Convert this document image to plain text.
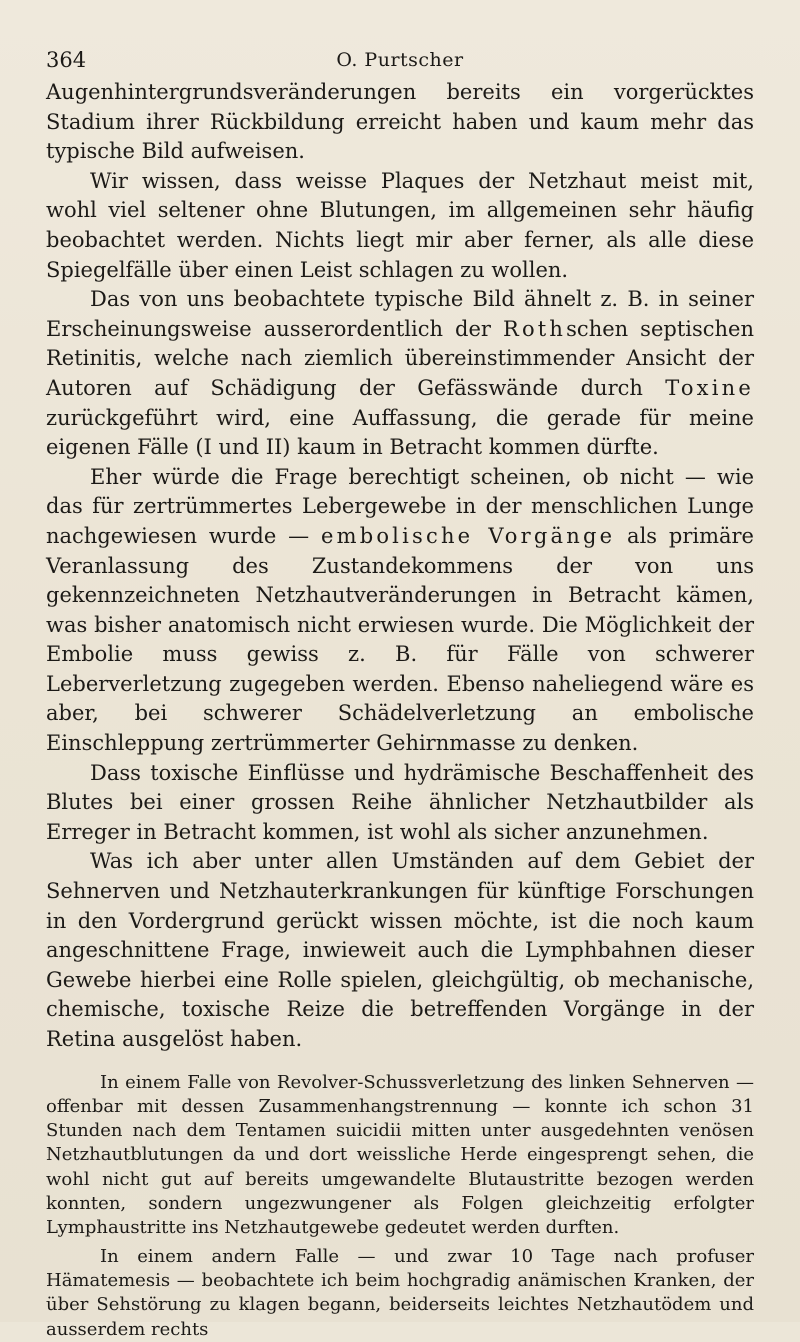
364	O. Purtscher

Augenhintergrundsveränderungen bereits ein vorgerücktes Stadium ihrer Rückbildung erreicht haben und kaum mehr das typische Bild aufweisen.

Wir wissen, dass weisse Plaques der Netzhaut meist mit, wohl viel seltener ohne Blutungen, im allgemeinen sehr häufig beobachtet werden. Nichts liegt mir aber ferner, als alle diese Spiegelfälle über einen Leist schlagen zu wollen.

Das von uns beobachtete typische Bild ähnelt z. B. in seiner Erscheinungsweise ausserordentlich der Rothschen septischen Retinitis, welche nach ziemlich übereinstimmender Ansicht der Autoren auf Schädigung der Gefässwände durch Toxine zurückgeführt wird, eine Auffassung, die gerade für meine eigenen Fälle (I und II) kaum in Betracht kommen dürfte.

Eher würde die Frage berechtigt scheinen, ob nicht — wie das für zertrümmertes Lebergewebe in der menschlichen Lunge nachgewiesen wurde — embolische Vorgänge als primäre Veranlassung des Zustandekommens der von uns gekennzeichneten Netzhautveränderungen in Betracht kämen, was bisher anatomisch nicht erwiesen wurde. Die Möglichkeit der Embolie muss gewiss z. B. für Fälle von schwerer Leberverletzung zugegeben werden. Ebenso naheliegend wäre es aber, bei schwerer Schädelverletzung an embolische Einschleppung zertrümmerter Gehirnmasse zu denken.

Dass toxische Einflüsse und hydrämische Beschaffenheit des Blutes bei einer grossen Reihe ähnlicher Netzhautbilder als Erreger in Betracht kommen, ist wohl als sicher anzunehmen.

Was ich aber unter allen Umständen auf dem Gebiet der Sehnerven und Netzhauterkrankungen für künftige Forschungen in den Vordergrund gerückt wissen möchte, ist die noch kaum angeschnittene Frage, inwieweit auch die Lymphbahnen dieser Gewebe hierbei eine Rolle spielen, gleichgültig, ob mechanische, chemische, toxische Reize die betreffenden Vorgänge in der Retina ausgelöst haben.

In einem Falle von Revolver-Schussverletzung des linken Sehnerven — offenbar mit dessen Zusammenhangstrennung — konnte ich schon 31 Stunden nach dem Tentamen suicidii mitten unter ausgedehnten venösen Netzhautblutungen da und dort weissliche Herde eingesprengt sehen, die wohl nicht gut auf bereits umgewandelte Blutaustritte bezogen werden konnten, sondern ungezwungener als Folgen gleichzeitig erfolgter Lymphaustritte ins Netzhautgewebe gedeutet werden durften.

In einem andern Falle — und zwar 10 Tage nach profuser Hämatemesis — beobachtete ich beim hochgradig anämischen Kranken, der über Sehstörung zu klagen begann, beiderseits leichtes Netzhautödem und ausserdem rechts
